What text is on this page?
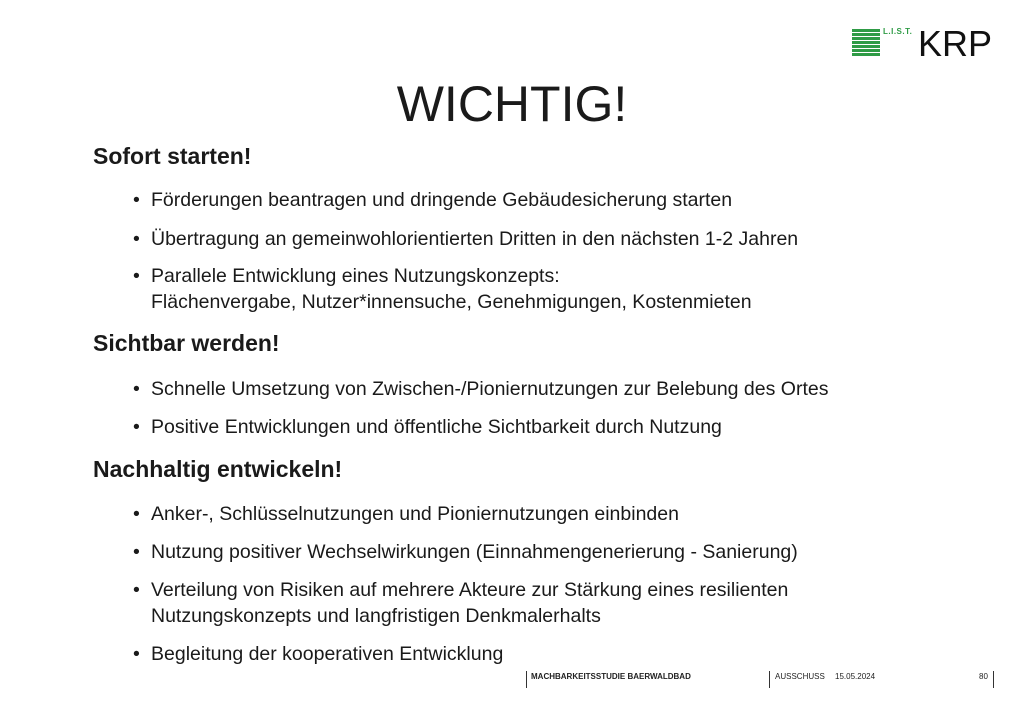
L.I.S.T. KRP
WICHTIG!
Sofort starten!
• Förderungen beantragen und dringende Gebäudesicherung starten
• Übertragung an gemeinwohlorientierten Dritten in den nächsten 1-2 Jahren
• Parallele Entwicklung eines Nutzungskonzepts:
Flächenvergabe, Nutzer*innensuche, Genehmigungen, Kostenmieten
Sichtbar werden!
• Schnelle Umsetzung von Zwischen-/Pioniernutzungen zur Belebung des Ortes
• Positive Entwicklungen und öffentliche Sichtbarkeit durch Nutzung
Nachhaltig entwickeln!
• Anker-, Schlüsselnutzungen und Pioniernutzungen einbinden
• Nutzung positiver Wechselwirkungen (Einnahmengenerierung - Sanierung)
• Verteilung von Risiken auf mehrere Akteure zur Stärkung eines resilienten
Nutzungskonzepts und langfristigen Denkmalerhalts
• Begleitung der kooperativen Entwicklung
MACHBARKEITSSTUDIE BAERWALDBAD	AUSSCHUSS 15.05.2024	80
